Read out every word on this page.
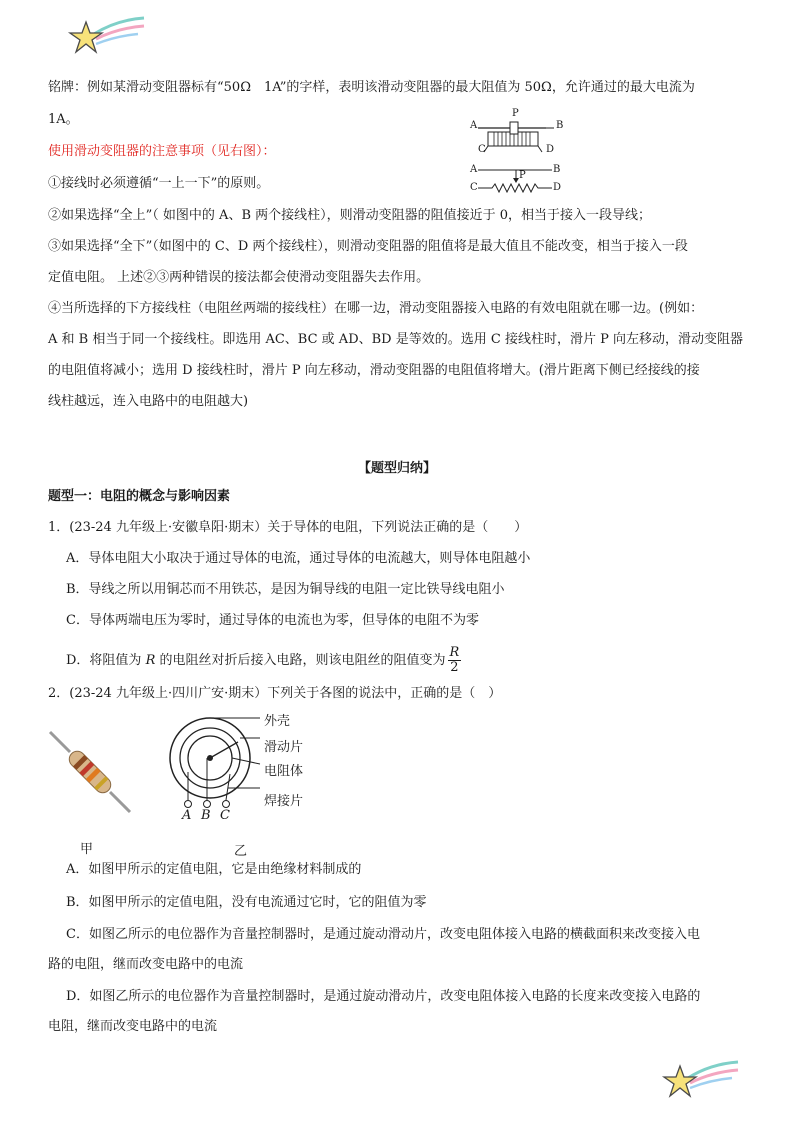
铭牌：例如某滑动变阻器标有“50Ω　1A”的字样，表明该滑动变阻器的最大阻值为 50Ω，允许通过的最大电流为
1A。
使用滑动变阻器的注意事项（见右图）：
①接线时必须遵循“一上一下”的原则。
②如果选择“全上”（ 如图中的 A、B 两个接线柱），则滑动变阻器的阻值接近于 0，相当于接入一段导线；
③如果选择“全下”（如图中的 C、D 两个接线柱），则滑动变阻器的阻值将是最大值且不能改变，相当于接入一段
定值电阻。 上述②③两种错误的接法都会使滑动变阻器失去作用。
④当所选择的下方接线柱（电阻丝两端的接线柱）在哪一边，滑动变阻器接入电路的有效电阻就在哪一边。(例如：
A 和 B 相当于同一个接线柱。即选用 AC、BC 或 AD、BD 是等效的。选用 C 接线柱时，滑片 P 向左移动，滑动变阻器
的电阻值将减小；选用 D 接线柱时，滑片 P 向左移动，滑动变阻器的电阻值将增大。(滑片距离下侧已经接线的接
线柱越远，连入电路中的电阻越大)
A	B
P
C	D
A	B
P
C	D
【题型归纳】
题型一：电阻的概念与影响因素
1．(23-24 九年级上·安徽阜阳·期末）关于导体的电阻，下列说法正确的是（　　）
A．导体电阻大小取决于通过导体的电流，通过导体的电流越大，则导体电阻越小
B．导线之所以用铜芯而不用铁芯，是因为铜导线的电阻一定比铁导线电阻小
C．导体两端电压为零时，通过导体的电流也为零，但导体的电阻不为零
D．将阻值为 R 的电阻丝对折后接入电路，则该电阻丝的阻值变为 $\frac{R}{2}$
2．(23-24 九年级上·四川广安·期末）下列关于各图的说法中，正确的是（　）
外壳
滑动片
电阻体
焊接片
A B C
甲	乙
A．如图甲所示的定值电阻，它是由绝缘材料制成的
B．如图甲所示的定值电阻，没有电流通过它时，它的阻值为零
C．如图乙所示的电位器作为音量控制器时，是通过旋动滑动片，改变电阻体接入电路的横截面积来改变接入电
路的电阻，继而改变电路中的电流
D．如图乙所示的电位器作为音量控制器时，是通过旋动滑动片，改变电阻体接入电路的长度来改变接入电路的
电阻，继而改变电路中的电流
